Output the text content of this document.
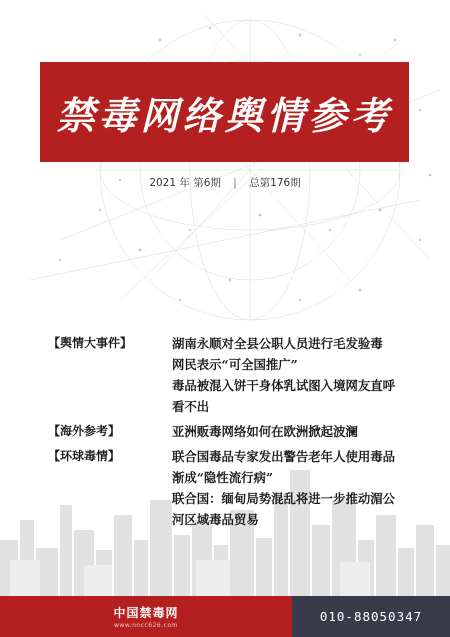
禁毒网络舆情参考
2021 年 第6期 | 总第176期
【舆情大事件】	湖南永顺对全县公职人员进行毛发验毒
网民表示“可全国推广”
毒品被混入饼干身体乳试图入境网友直呼
看不出
【海外参考】	亚洲贩毒网络如何在欧洲掀起波澜
【环球毒情】	联合国毒品专家发出警告老年人使用毒品
渐成“隐性流行病”
联合国：缅甸局势混乱将进一步推动湄公
河区域毒品贸易
中国禁毒网
www.nncc626.com
010-88050347
